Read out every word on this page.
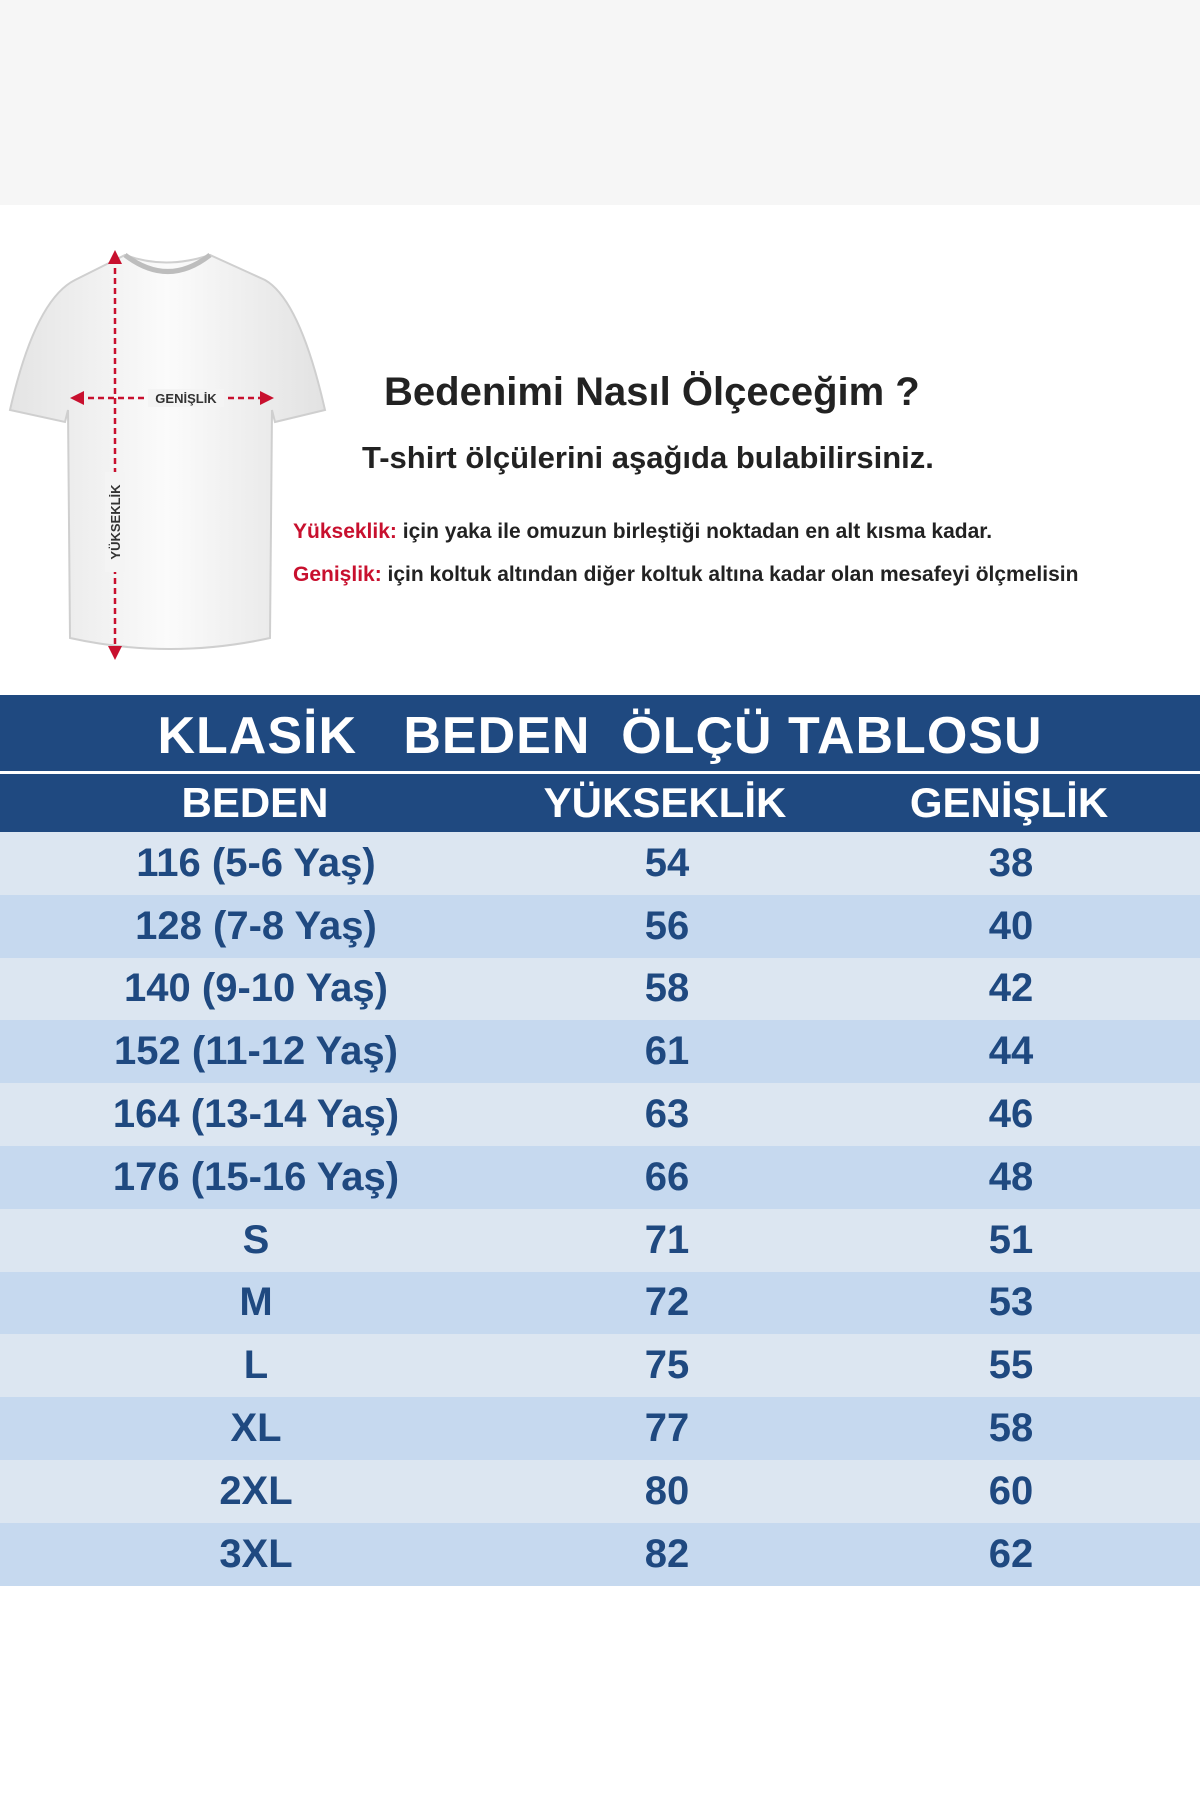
GENİŞLİK
YÜKSEKLİK
Bedenimi Nasıl Ölçeceğim ?

T-shirt ölçülerini aşağıda bulabilirsiniz.

Yükseklik: için yaka ile omuzun birleştiği noktadan en alt kısma kadar.

Genişlik: için koltuk altından diğer koltuk altına kadar olan mesafeyi ölçmelisin

KLASİK   BEDEN  ÖLÇÜ TABLOSU
BEDEN	YÜKSEKLİK	GENİŞLİK
116 (5-6 Yaş)	54	38
128 (7-8 Yaş)	56	40
140 (9-10 Yaş)	58	42
152 (11-12 Yaş)	61	44
164 (13-14 Yaş)	63	46
176 (15-16 Yaş)	66	48
S	71	51
M	72	53
L	75	55
XL	77	58
2XL	80	60
3XL	82	62
